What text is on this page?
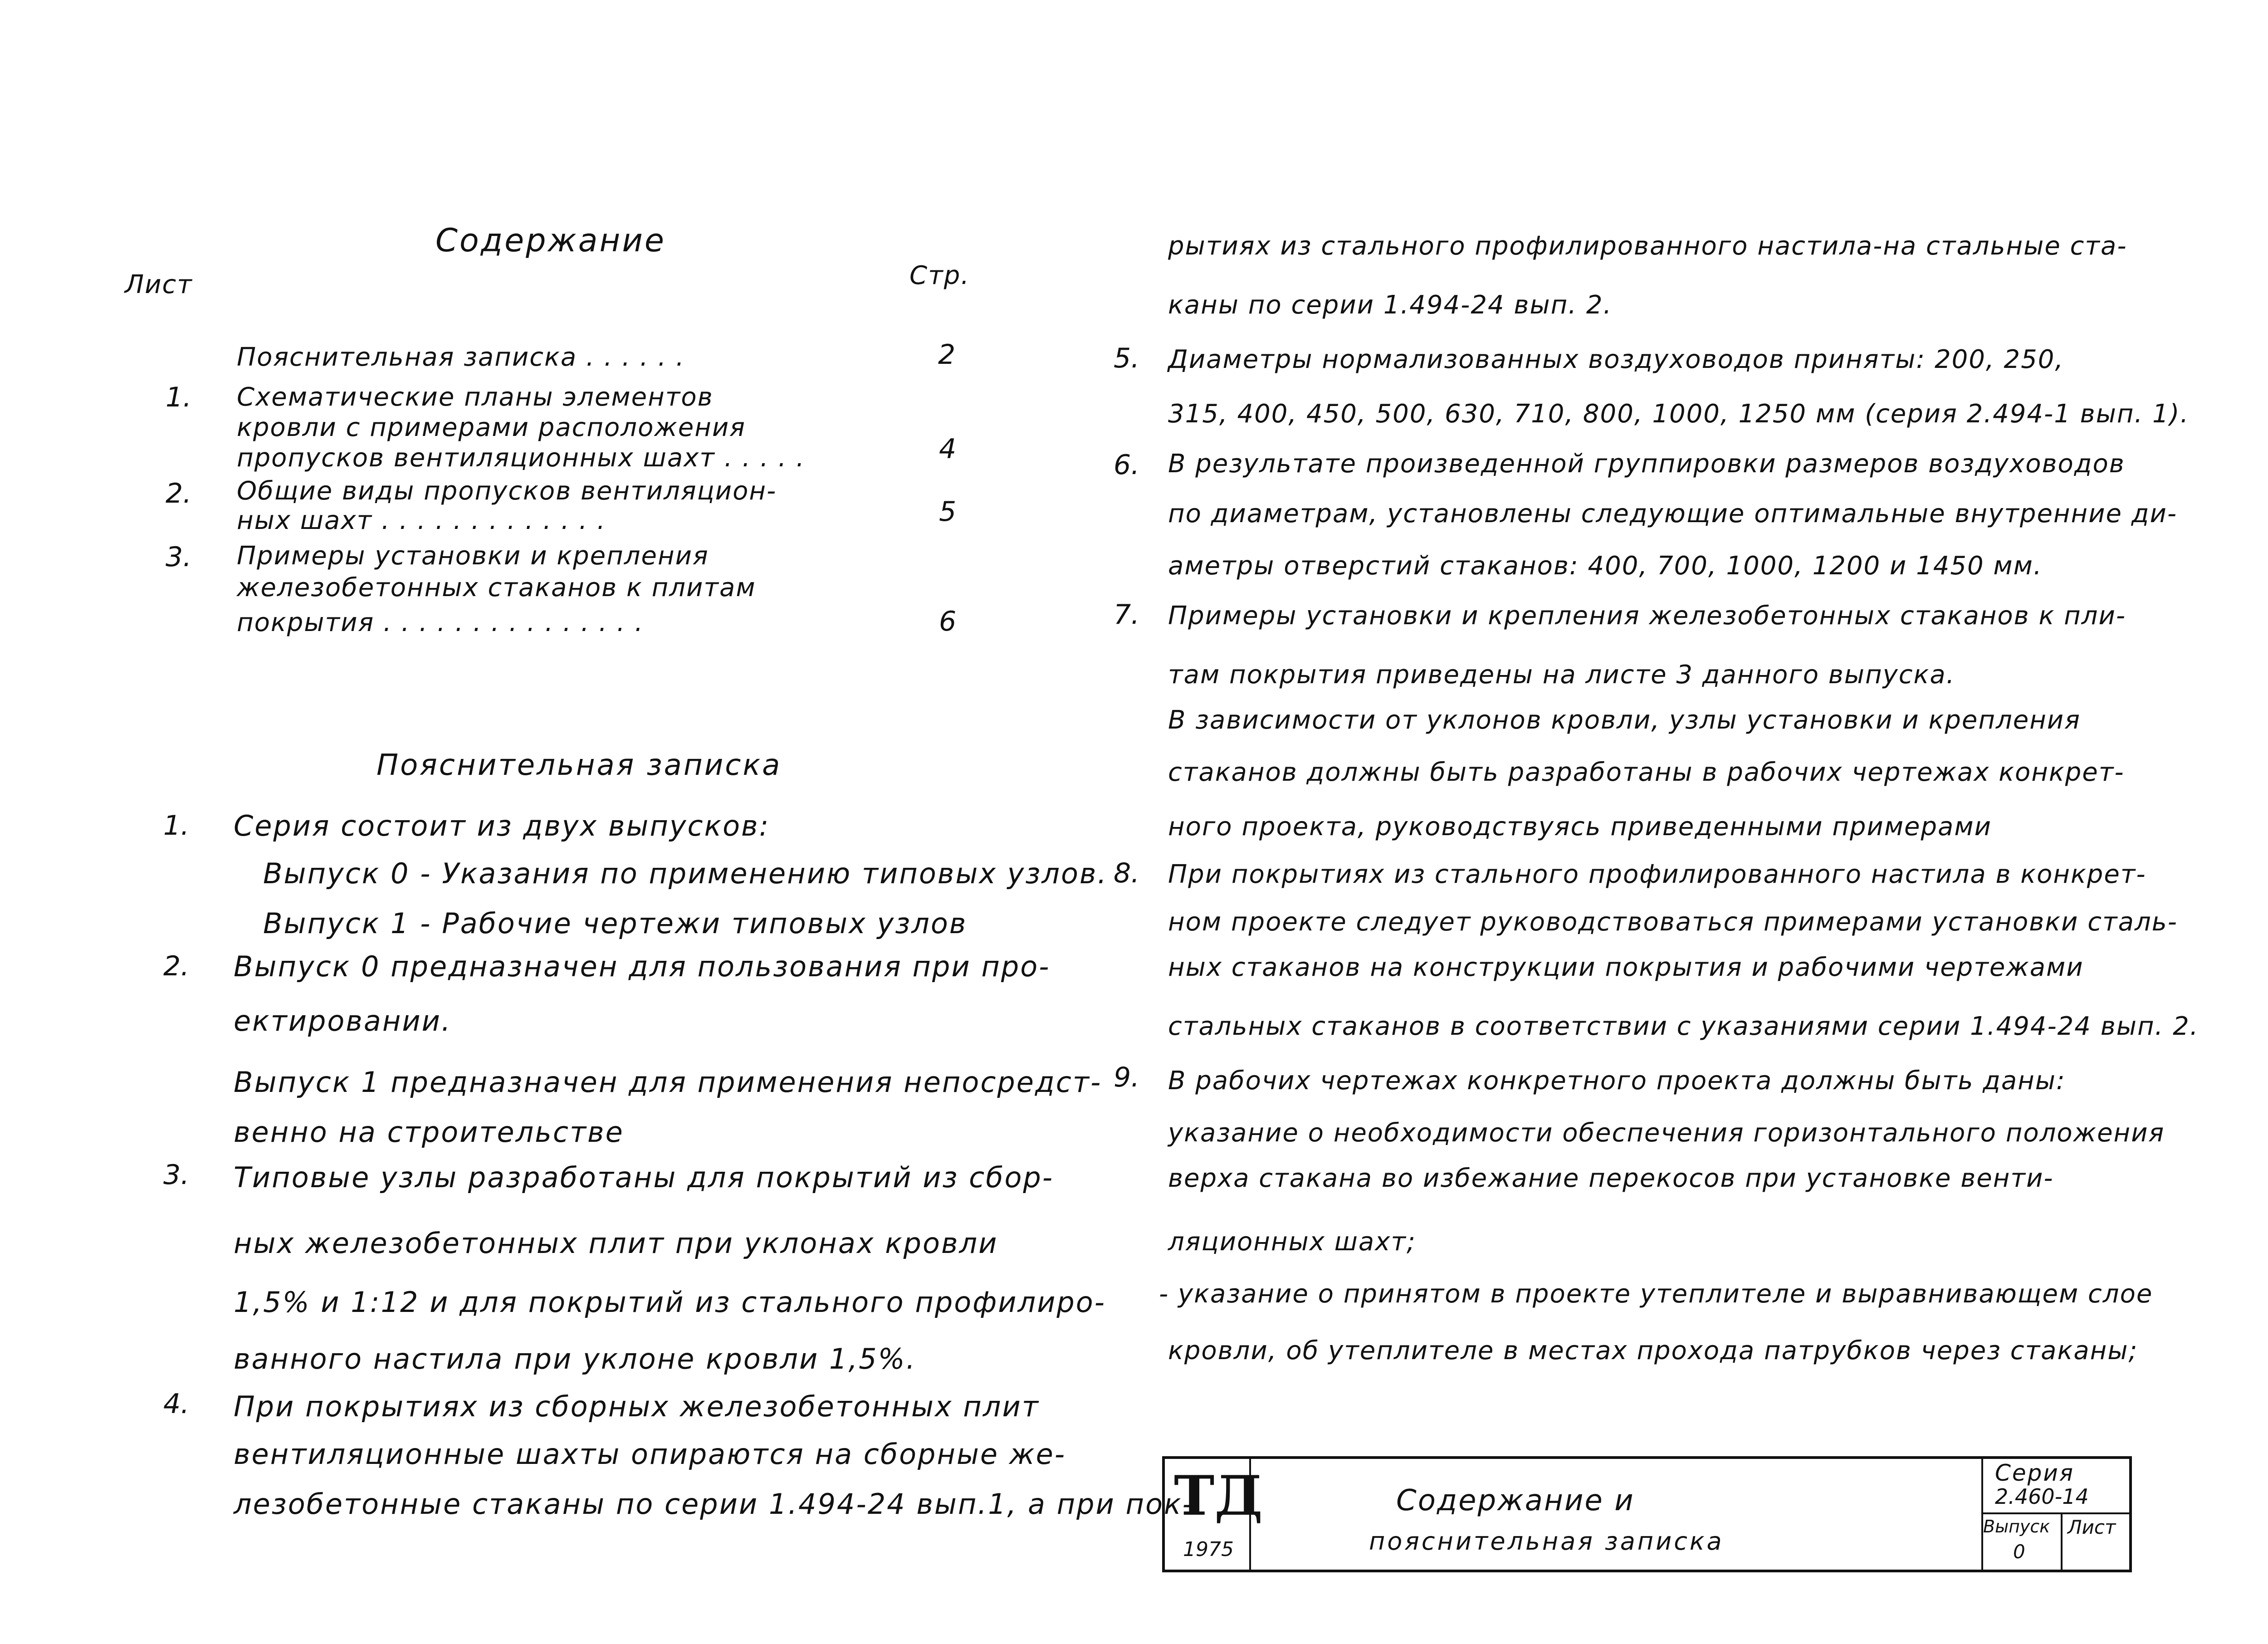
Содержание
Лист	Стр.
Пояснительная записка . . . . . .	2
1. Схематические планы элементов
кровли с примерами расположения
пропусков вентиляционных шахт . . . . .	4
2. Общие виды пропусков вентиляцион-
ных шахт . . . . . . . . . . . . .	5
3. Примеры установки и крепления
железобетонных стаканов к плитам
покрытия . . . . . . . . . . . . . . .	6
Пояснительная записка
1. Серия состоит из двух выпусков:
Выпуск 0 - Указания по применению типовых узлов.
Выпуск 1 - Рабочие чертежи типовых узлов
2. Выпуск 0 предназначен для пользования при про-
ектировании.
Выпуск 1 предназначен для применения непосредст-
венно на строительстве
3. Типовые узлы разработаны для покрытий из сбор-
ных железобетонных плит при уклонах кровли
1,5% и 1:12 и для покрытий из стального профилиро-
ванного настила при уклоне кровли 1,5%.
4. При покрытиях из сборных железобетонных плит
вентиляционные шахты опираются на сборные же-
лезобетонные стаканы по серии 1.494-24 вып.1, а при пок-
рытиях из стального профилированного настила-на стальные ста-
каны по серии 1.494-24 вып. 2.
5. Диаметры нормализованных воздуховодов приняты: 200, 250,
315, 400, 450, 500, 630, 710, 800, 1000, 1250 мм (серия 2.494-1 вып. 1).
6. В результате произведенной группировки размеров воздуховодов
по диаметрам, установлены следующие оптимальные внутренние ди-
аметры отверстий стаканов: 400, 700, 1000, 1200 и 1450 мм.
7. Примеры установки и крепления железобетонных стаканов к пли-
там покрытия приведены на листе 3 данного выпуска.
В зависимости от уклонов кровли, узлы установки и крепления
стаканов должны быть разработаны в рабочих чертежах конкрет-
ного проекта, руководствуясь приведенными примерами
8. При покрытиях из стального профилированного настила в конкрет-
ном проекте следует руководствоваться примерами установки сталь-
ных стаканов на конструкции покрытия и рабочими чертежами
стальных стаканов в соответствии с указаниями серии 1.494-24 вып. 2.
9. В рабочих чертежах конкретного проекта должны быть даны:
указание о необходимости обеспечения горизонтального положения
верха стакана во избежание перекосов при установке венти-
ляционных шахт;
- указание о принятом в проекте утеплителе и выравнивающем слое
кровли, об утеплителе в местах прохода патрубков через стаканы;
ТД
1975
Содержание и
пояснительная записка
Серия
2.460-14
Выпуск
0
Лист
